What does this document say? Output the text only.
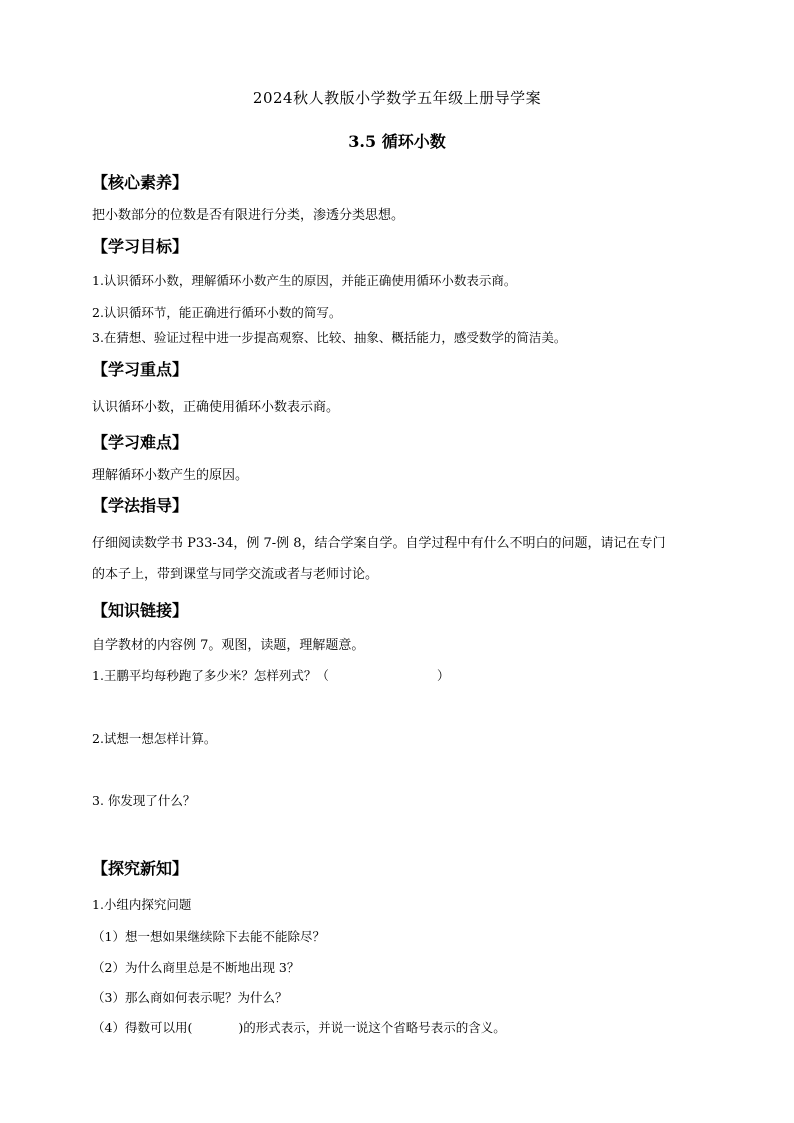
2024秋人教版小学数学五年级上册导学案
3.5 循环小数
【核心素养】
把小数部分的位数是否有限进行分类，渗透分类思想。
【学习目标】
1.认识循环小数，理解循环小数产生的原因，并能正确使用循环小数表示商。
2.认识循环节，能正确进行循环小数的简写。
3.在猜想、验证过程中进一步提高观察、比较、抽象、概括能力，感受数学的简洁美。
【学习重点】
认识循环小数，正确使用循环小数表示商。
【学习难点】
理解循环小数产生的原因。
【学法指导】
仔细阅读数学书 P33-34，例 7-例 8，结合学案自学。自学过程中有什么不明白的问题，请记在专门
的本子上，带到课堂与同学交流或者与老师讨论。
【知识链接】
自学教材的内容例 7。观图，读题，理解题意。
1.王鹏平均每秒跑了多少米？怎样列式？（	）
2.试想一想怎样计算。
3. 你发现了什么？
【探究新知】
1.小组内探究问题
（1）想一想如果继续除下去能不能除尽？
（2）为什么商里总是不断地出现 3？
（3）那么商如何表示呢？为什么？
（4）得数可以用(	)的形式表示，并说一说这个省略号表示的含义。
